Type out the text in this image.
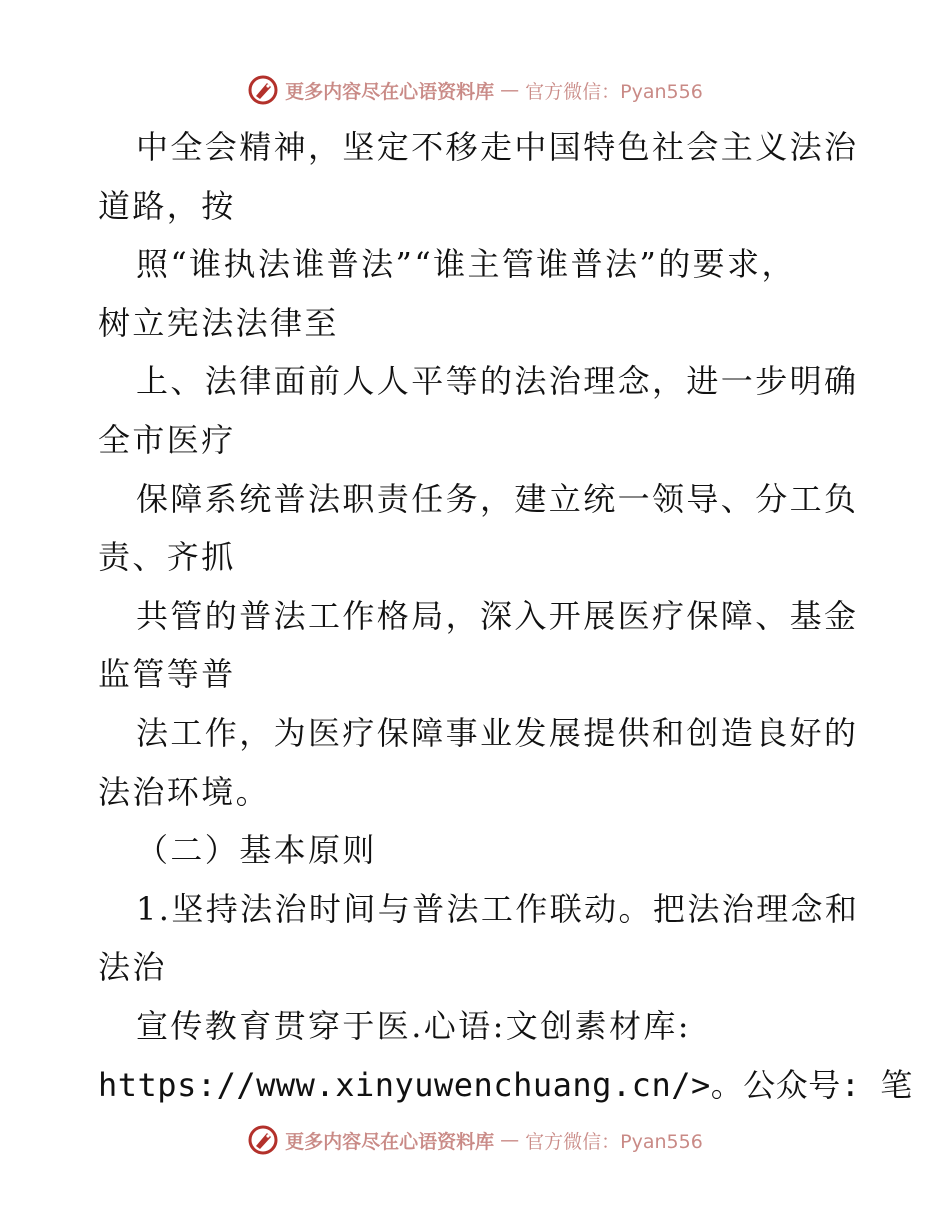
更多内容尽在心语资料库 — 官方微信：Pyan556
中全会精神，坚定不移走中国特色社会主义法治
道路，按
照“谁执法谁普法”“谁主管谁普法”的要求，
树立宪法法律至
上、法律面前人人平等的法治理念，进一步明确
全市医疗
保障系统普法职责任务，建立统一领导、分工负
责、齐抓
共管的普法工作格局，深入开展医疗保障、基金
监管等普
法工作，为医疗保障事业发展提供和创造良好的
法治环境。
（二）基本原则
1.坚持法治时间与普法工作联动。把法治理念和
法治
宣传教育贯穿于医.心语:文创素材库:
https://www.xinyuwenchuang.cn/>。公众号: 笔
更多内容尽在心语资料库 — 官方微信：Pyan556
